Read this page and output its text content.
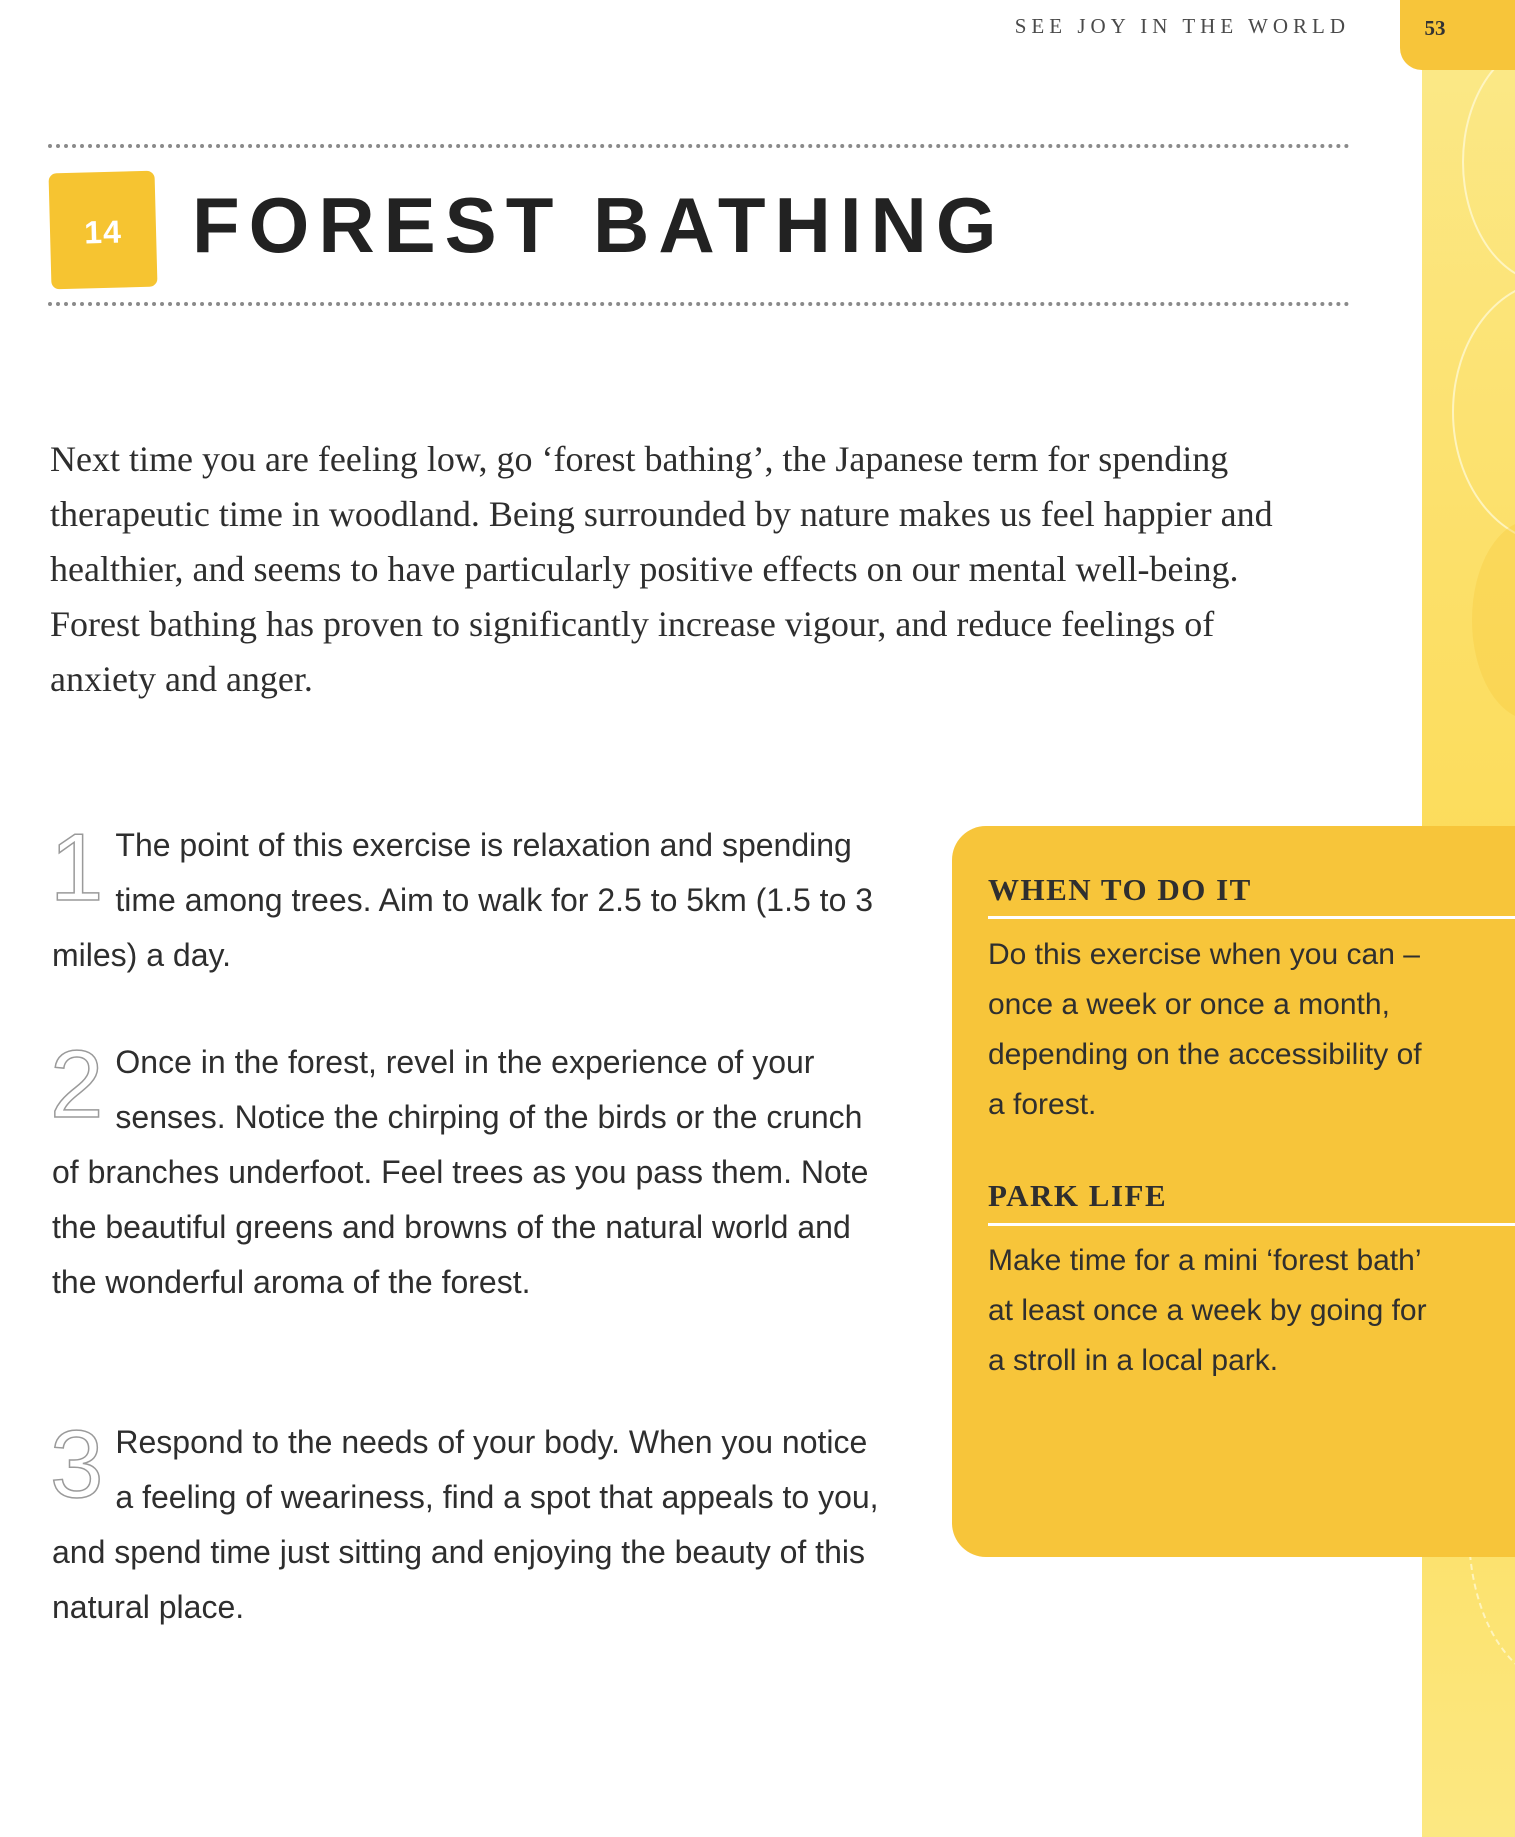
SEE JOY IN THE WORLD	53
14 FOREST BATHING

Next time you are feeling low, go ‘forest bathing’, the Japanese term for spending therapeutic time in woodland. Being surrounded by nature makes us feel happier and healthier, and seems to have particularly positive effects on our mental well-being. Forest bathing has proven to significantly increase vigour, and reduce feelings of anxiety and anger.

1 The point of this exercise is relaxation and spending time among trees. Aim to walk for 2.5 to 5km (1.5 to 3 miles) a day.
2 Once in the forest, revel in the experience of your senses. Notice the chirping of the birds or the crunch of branches underfoot. Feel trees as you pass them. Note the beautiful greens and browns of the natural world and the wonderful aroma of the forest.
3 Respond to the needs of your body. When you notice a feeling of weariness, find a spot that appeals to you, and spend time just sitting and enjoying the beauty of this natural place.
WHEN TO DO IT

Do this exercise when you can – once a week or once a month, depending on the accessibility of a forest.

PARK LIFE

Make time for a mini ‘forest bath’ at least once a week by going for a stroll in a local park.
